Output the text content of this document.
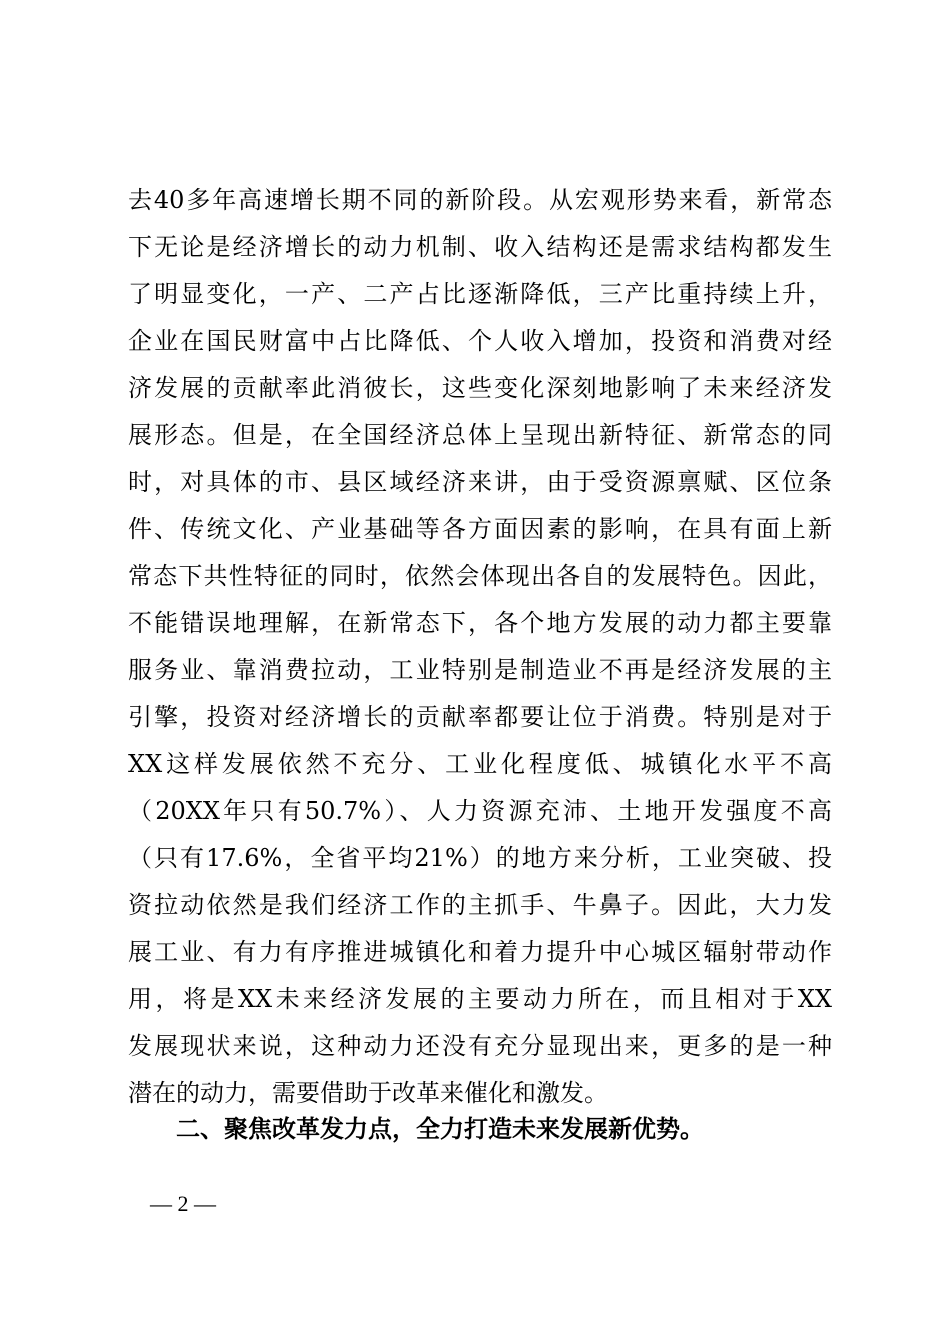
去40多年高速增长期不同的新阶段。从宏观形势来看，新常态
下无论是经济增长的动力机制、收入结构还是需求结构都发生
了明显变化，一产、二产占比逐渐降低，三产比重持续上升，
企业在国民财富中占比降低、个人收入增加，投资和消费对经
济发展的贡献率此消彼长，这些变化深刻地影响了未来经济发
展形态。但是，在全国经济总体上呈现出新特征、新常态的同
时，对具体的市、县区域经济来讲，由于受资源禀赋、区位条
件、传统文化、产业基础等各方面因素的影响，在具有面上新
常态下共性特征的同时，依然会体现出各自的发展特色。因此，
不能错误地理解，在新常态下，各个地方发展的动力都主要靠
服务业、靠消费拉动，工业特别是制造业不再是经济发展的主
引擎，投资对经济增长的贡献率都要让位于消费。特别是对于
XX这样发展依然不充分、工业化程度低、城镇化水平不高
（20XX年只有50.7%）、人力资源充沛、土地开发强度不高
（只有17.6%，全省平均21%）的地方来分析，工业突破、投
资拉动依然是我们经济工作的主抓手、牛鼻子。因此，大力发
展工业、有力有序推进城镇化和着力提升中心城区辐射带动作
用，将是XX未来经济发展的主要动力所在，而且相对于XX
发展现状来说，这种动力还没有充分显现出来，更多的是一种
潜在的动力，需要借助于改革来催化和激发。
二、聚焦改革发力点，全力打造未来发展新优势。
— 2 —
